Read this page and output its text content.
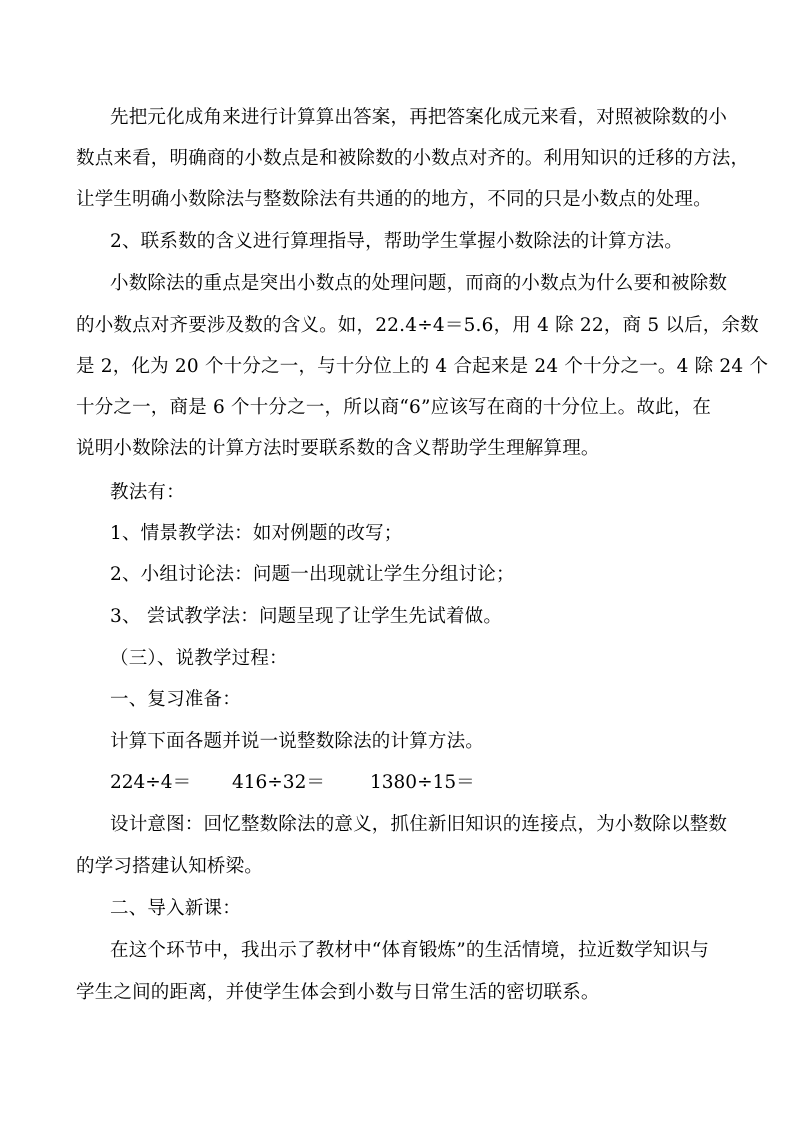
先把元化成角来进行计算算出答案，再把答案化成元来看，对照被除数的小
数点来看，明确商的小数点是和被除数的小数点对齐的。利用知识的迁移的方法，
让学生明确小数除法与整数除法有共通的的地方，不同的只是小数点的处理。
2、联系数的含义进行算理指导，帮助学生掌握小数除法的计算方法。
小数除法的重点是突出小数点的处理问题，而商的小数点为什么要和被除数
的小数点对齐要涉及数的含义。如，22.4÷4＝5.6，用 4 除 22，商 5 以后，余数
是 2，化为 20 个十分之一，与十分位上的 4 合起来是 24 个十分之一。4 除 24 个
十分之一，商是 6 个十分之一，所以商“6”应该写在商的十分位上。故此，在
说明小数除法的计算方法时要联系数的含义帮助学生理解算理。
教法有：
1、情景教学法：如对例题的改写；
2、小组讨论法：问题一出现就让学生分组讨论；
3、 尝试教学法：问题呈现了让学生先试着做。
（三）、说教学过程：
一、复习准备：
计算下面各题并说一说整数除法的计算方法。
224÷4＝ 416÷32＝ 1380÷15＝
设计意图：回忆整数除法的意义，抓住新旧知识的连接点，为小数除以整数
的学习搭建认知桥梁。
二、导入新课：
在这个环节中，我出示了教材中“体育锻炼”的生活情境，拉近数学知识与
学生之间的距离，并使学生体会到小数与日常生活的密切联系。
